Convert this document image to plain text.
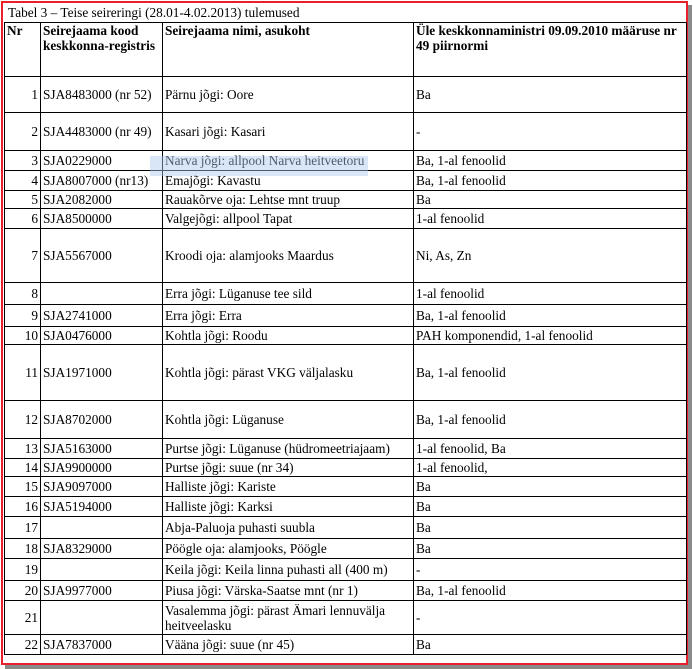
Tabel 3 – Teise seireringi (28.01-4.02.2013) tulemused
Nr	Seirejaama kood keskkonna-registris	Seirejaama nimi, asukoht	Üle keskkonnaministri 09.09.2010 määruse nr 49 piirnormi
1	SJA8483000 (nr 52)	Pärnu jõgi: Oore	Ba
2	SJA4483000 (nr 49)	Kasari jõgi: Kasari	-
3	SJA0229000	Narva jõgi: allpool Narva heitveetoru	Ba, 1-al fenoolid
4	SJA8007000 (nr13)	Emajõgi: Kavastu	Ba, 1-al fenoolid
5	SJA2082000	Rauakõrve oja: Lehtse mnt truup	Ba
6	SJA8500000	Valgejõgi: allpool Tapat	1-al fenoolid
7	SJA5567000	Kroodi oja: alamjooks Maardus	Ni, As, Zn
8		Erra jõgi: Lüganuse tee sild	1-al fenoolid
9	SJA2741000	Erra jõgi: Erra	Ba, 1-al fenoolid
10	SJA0476000	Kohtla jõgi: Roodu	PAH komponendid, 1-al fenoolid
11	SJA1971000	Kohtla jõgi: pärast VKG väljalasku	Ba, 1-al fenoolid
12	SJA8702000	Kohtla jõgi: Lüganuse	Ba, 1-al fenoolid
13	SJA5163000	Purtse jõgi: Lüganuse (hüdromeetriajaam)	1-al fenoolid, Ba
14	SJA9900000	Purtse jõgi: suue (nr 34)	1-al fenoolid,
15	SJA9097000	Halliste jõgi: Kariste	Ba
16	SJA5194000	Halliste jõgi: Karksi	Ba
17		Abja-Paluoja puhasti suubla	Ba
18	SJA8329000	Pöögle oja: alamjooks, Pöögle	Ba
19		Keila jõgi: Keila linna puhasti all (400 m)	-
20	SJA9977000	Piusa jõgi: Värska-Saatse mnt (nr 1)	Ba, 1-al fenoolid
21		Vasalemma jõgi: pärast Ämari lennuvälja heitveelasku	-
22	SJA7837000	Vääna jõgi: suue (nr 45)	Ba
